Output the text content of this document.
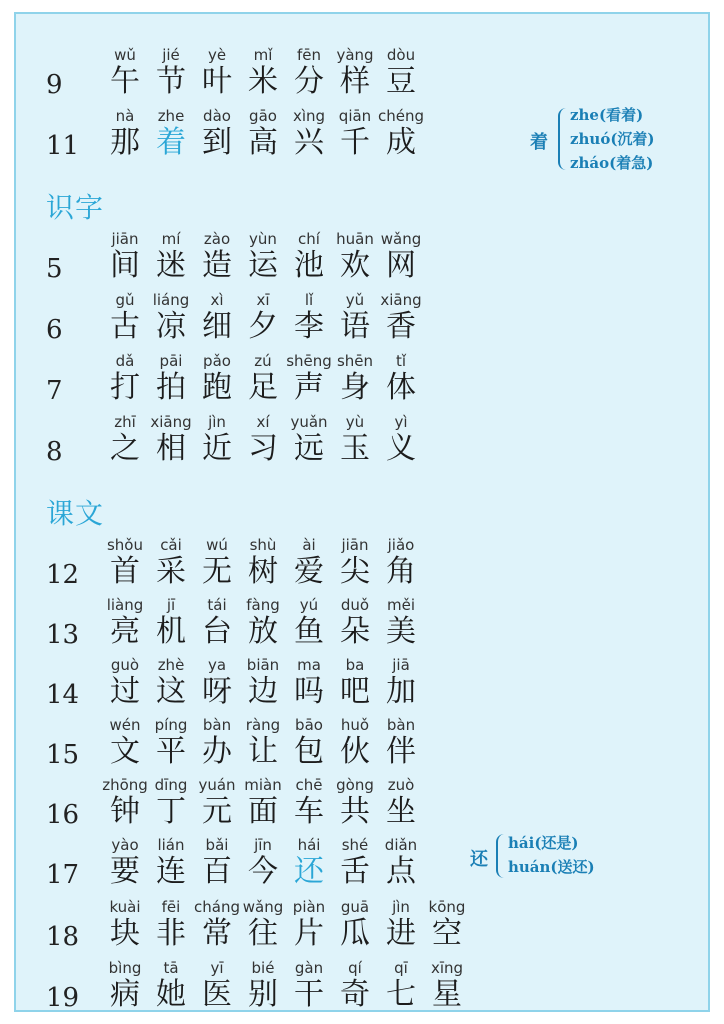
识字
课文
9
wǔ
午
jié
节
yè
叶
mǐ
米
fēn
分
yàng
样
dòu
豆
11
nà
那
zhe
着
dào
到
gāo
高
xìng
兴
qiān
千
chéng
成
5
jiān
间
mí
迷
zào
造
yùn
运
chí
池
huān
欢
wǎng
网
6
gǔ
古
liáng
凉
xì
细
xī
夕
lǐ
李
yǔ
语
xiāng
香
7
dǎ
打
pāi
拍
pǎo
跑
zú
足
shēng
声
shēn
身
tǐ
体
8
zhī
之
xiāng
相
jìn
近
xí
习
yuǎn
远
yù
玉
yì
义
12
shǒu
首
cǎi
采
wú
无
shù
树
ài
爱
jiān
尖
jiǎo
角
13
liàng
亮
jī
机
tái
台
fàng
放
yú
鱼
duǒ
朵
měi
美
14
guò
过
zhè
这
ya
呀
biān
边
ma
吗
ba
吧
jiā
加
15
wén
文
píng
平
bàn
办
ràng
让
bāo
包
huǒ
伙
bàn
伴
16
zhōng
钟
dīng
丁
yuán
元
miàn
面
chē
车
gòng
共
zuò
坐
17
yào
要
lián
连
bǎi
百
jīn
今
hái
还
shé
舌
diǎn
点
18
kuài
块
fēi
非
cháng
常
wǎng
往
piàn
片
guā
瓜
jìn
进
kōng
空
19
bìng
病
tā
她
yī
医
bié
别
gàn
干
qí
奇
qī
七
xīng
星
着
zhe(看着)
zhuó(沉着)
zháo(着急)
还
hái(还是)
huán(送还)
